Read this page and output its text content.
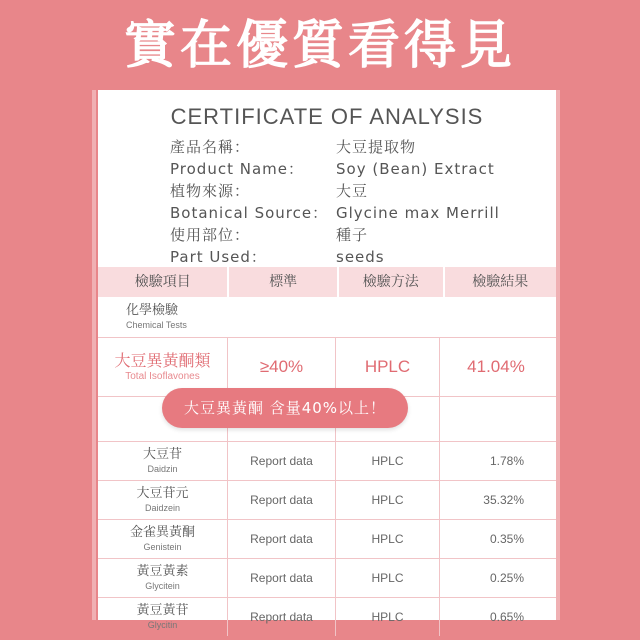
實在優質看得見
CERTIFICATE OF ANALYSIS
產品名稱：	大豆提取物
Product Name：	Soy (Bean) Extract
植物來源：	大豆
Botanical Source： Glycine max Merrill
使用部位：	種子
Part Used：	seeds
檢驗項目	標準	檢驗方法	檢驗結果
化學檢驗
Chemical Tests
大豆異黃酮類
Total Isoflavones
≥40%	HPLC	41.04%
大豆苷
Daidzin
Report data	HPLC	1.78%
大豆苷元
Daidzein
Report data	HPLC	35.32%
金雀異黃酮
Genistein
Report data	HPLC	0.35%
黃豆黃素
Glycitein
Report data	HPLC	0.25%
黃豆黃苷
Glycitin
Report data	HPLC	0.65%
大豆異黃酮 含量40%以上！
